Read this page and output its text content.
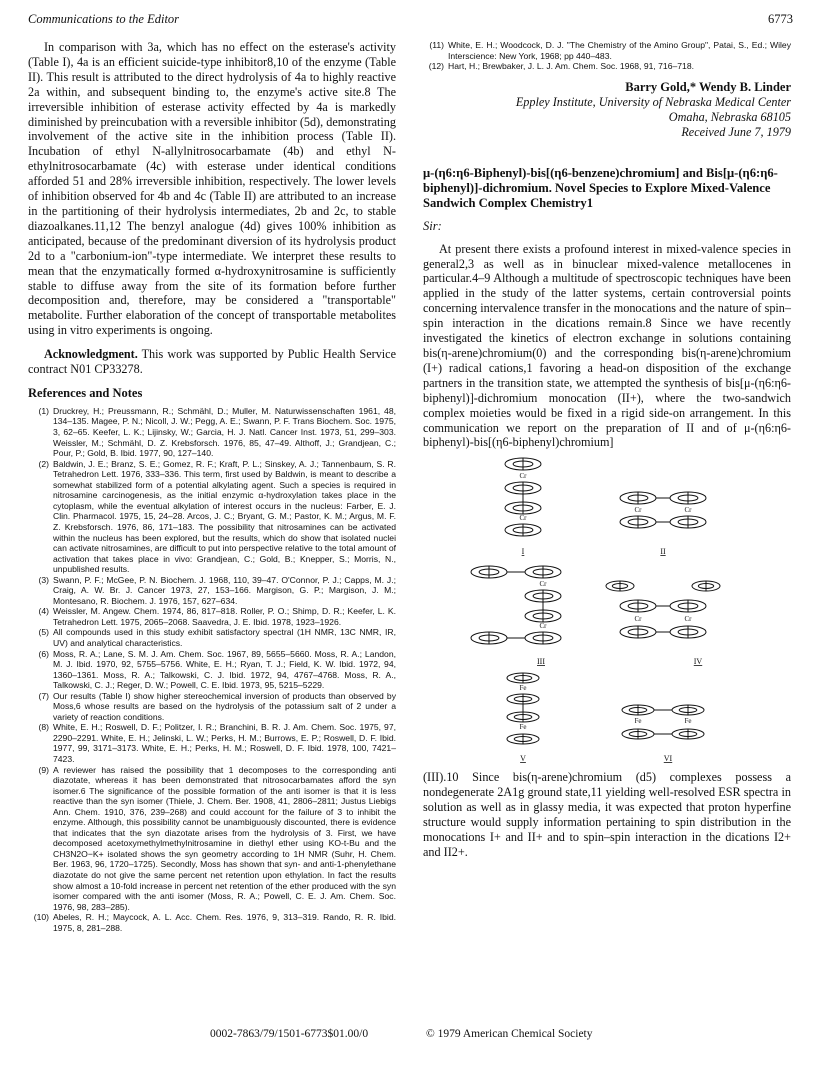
Communications to the Editor	6773

In comparison with 3a, which has no effect on the esterase's activity (Table I), 4a is an efficient suicide-type inhibitor8,10 of the enzyme (Table II). This result is attributed to the direct hydrolysis of 4a to highly reactive 2a within, and subsequent binding to, the enzyme's active site.8 The irreversible inhibition of esterase activity effected by 4a is markedly diminished by preincubation with a reversible inhibitor (5d), demonstrating involvement of the active site in the inhibition process (Table II). Incubation of ethyl N-allylnitrosocarbamate (4b) and ethyl N-ethylnitrosocarbamate (4c) with esterase under identical conditions afforded 51 and 28% irreversible inhibition, respectively. The lower levels of inhibition observed for 4b and 4c (Table II) are attributed to an increase in the partitioning of their hydrolysis intermediates, 2b and 2c, to stable diazoalkanes.11,12 The benzyl analogue (4d) gives 100% inhibition as anticipated, because of the predominant diversion of its hydrolysis product 2d to a "carbonium-ion"-type intermediate. We interpret these results to mean that the enzymatically formed α-hydroxynitrosamine is sufficiently stable to diffuse away from the site of its formation before further decomposition and, therefore, may be considered a "transportable" metabolite. Further elaboration of the concept of transportable metabolites using in vitro experiments is ongoing.

Acknowledgment. This work was supported by Public Health Service contract N01 CP33278.

References and Notes
(1) Druckrey, H.; Preussmann, R.; Schmähl, D.; Muller, M. Naturwissenschaften 1961, 48, 134–135. Magee, P. N.; Nicoll, J. W.; Pegg, A. E.; Swann, P. F. Trans Biochem. Soc. 1975, 3, 62–65. Keefer, L. K.; Lijinsky, W.; Garcia, H. J. Natl. Cancer Inst. 1973, 51, 299–303. Weissler, M.; Schmähl, D. Z. Krebsforsch. 1976, 85, 47–49. Althoff, J.; Grandjean, C.; Pour, P.; Gold, B. Ibid. 1977, 90, 127–140.
(2) Baldwin, J. E.; Branz, S. E.; Gomez, R. F.; Kraft, P. L.; Sinskey, A. J.; Tannenbaum, S. R. Tetrahedron Lett. 1976, 333–336. This term, first used by Baldwin, is meant to describe a somewhat stabilized form of a potential alkylating agent. Such a species is required in nitrosamine carcinogenesis, as the initial enzymic α-hydroxylation takes place in the cytoplasm, while the eventual alkylation of interest occurs in the nucleus: Farber, E. J. Clin. Pharmacol. 1975, 15, 24–28. Arcos, J. C.; Bryant, G. M.; Pastor, K. M.; Argus, M. F. Z. Krebsforsch. 1976, 86, 171–183. The possibility that nitrosamines can be activated within the nucleus has been explored, but the results, which do show that isolated nuclei can activate nitrosamines, are difficult to put into perspective relative to the total amount of activation that takes place in vivo: Grandjean, C.; Gold, B.; Knepper, S.; Morris, N., unpublished results.
(3) Swann, P. F.; McGee, P. N. Biochem. J. 1968, 110, 39–47. O'Connor, P. J.; Capps, M. J.; Craig, A. W. Br. J. Cancer 1973, 27, 153–166. Margison, G. P.; Margison, J. M.; Montesano, R. Biochem. J. 1976, 157, 627–634.
(4) Weissler, M. Angew. Chem. 1974, 86, 817–818. Roller, P. O.; Shimp, D. R.; Keefer, L. K. Tetrahedron Lett. 1975, 2065–2068. Saavedra, J. E. Ibid. 1978, 1923–1926.
(5) All compounds used in this study exhibit satisfactory spectral (1H NMR, 13C NMR, IR, UV) and analytical characteristics.
(6) Moss, R. A.; Lane, S. M. J. Am. Chem. Soc. 1967, 89, 5655–5660. Moss, R. A.; Landon, M. J. Ibid. 1970, 92, 5755–5756. White, E. H.; Ryan, T. J.; Field, K. W. Ibid. 1972, 94, 1360–1361. Moss, R. A.; Talkowski, C. J. Ibid. 1972, 94, 4767–4768. Moss, R. A., Talkowski, C. J.; Reger, D. W.; Powell, C. E. Ibid. 1973, 95, 5215–5229.
(7) Our results (Table I) show higher stereochemical inversion of products than observed by Moss,6 whose results are based on the hydrolysis of the potassium salt of 2 under a variety of reaction conditions.
(8) White, E. H.; Roswell, D. F.; Politzer, I. R.; Branchini, B. R. J. Am. Chem. Soc. 1975, 97, 2290–2291. White, E. H.; Jelinski, L. W.; Perks, H. M.; Burrows, E. P.; Roswell, D. F. Ibid. 1977, 99, 3171–3173. White, E. H.; Perks, H. M.; Roswell, D. F. Ibid. 1978, 100, 7421–7423.
(9) A reviewer has raised the possibility that 1 decomposes to the corresponding anti diazotate, whereas it has been demonstrated that nitrosocarbamates afford the syn isomer.6 The significance of the possible formation of the anti isomer is that it is less reactive than the syn isomer (Thiele, J. Chem. Ber. 1908, 41, 2806–2811; Justus Liebigs Ann. Chem. 1910, 376, 239–268) and could account for the failure of 3 to inhibit the enzyme. Although, this possibility cannot be unambiguously discounted, there is evidence that indicates that the syn diazotate arises from the hydrolysis of 3. First, we have decomposed acetoxymethylmethylnitrosamine in diethyl ether using KO-t-Bu and the CH3N2O−K+ isolated shows the syn geometry according to 1H NMR (Suhr, H. Chem. Ber. 1963, 96, 1720–1725). Secondly, Moss has shown that syn- and anti-1-phenylethane diazotate do not give the same percent net retention upon ethylation. In fact the results show almost a 10-fold increase in percent net retention of the ether produced with the syn isomer compared with the anti isomer (Moss, R. A.; Powell, C. E. J. Am. Chem. Soc. 1976, 98, 283–285).
(10) Abeles, R. H.; Maycock, A. L. Acc. Chem. Res. 1976, 9, 313–319. Rando, R. R. Ibid. 1975, 8, 281–288.
(11) White, E. H.; Woodcock, D. J. "The Chemistry of the Amino Group", Patai, S., Ed.; Wiley Interscience: New York, 1968; pp 440–483.
(12) Hart, H.; Brewbaker, J. L. J. Am. Chem. Soc. 1968, 91, 716–718.
Barry Gold,* Wendy B. Linder
Eppley Institute, University of Nebraska Medical Center
Omaha, Nebraska 68105
Received June 7, 1979
μ-(η6:η6-Biphenyl)-bis[(η6-benzene)chromium] and Bis[μ-(η6:η6-biphenyl)]-dichromium. Novel Species to Explore Mixed-Valence Sandwich Complex Chemistry1
Sir:

At present there exists a profound interest in mixed-valence species in general2,3 as well as in binuclear mixed-valence metallocenes in particular.4–9 Although a multitude of spectroscopic techniques have been applied in the study of the latter systems, certain controversial points concerning intervalence transfer in the monocations and the nature of spin–spin interaction in the dications remain.8 Since we have recently investigated the kinetics of electron exchange in solutions containing bis(η-arene)chromium(0) and the corresponding bis(η-arene)chromium (I+) radical cations,1 favoring a head-on disposition of the exchange partners in the transition state, we attempted the synthesis of bis[μ-(η6:η6-biphenyl)]-dichromium monocation (II+), where the two-sandwich complex moieties would be fixed in a rigid side-on arrangement. In this communication we report on the preparation of II and of μ-(η6:η6-biphenyl)-bis[(η6-biphenyl)chromium]

Cr
Cr
I
Cr	Cr
II
Cr
Cr
III
Cr	Cr
IV
Fe
Fe
V
Fe	Fe
VI

(III).10 Since bis(η-arene)chromium (d5) complexes possess a nondegenerate 2A1g ground state,11 yielding well-resolved ESR spectra in solution as well as in glassy media, it was expected that proton hyperfine structure would supply information pertaining to spin distribution in the monocations I+ and II+ and to spin–spin interaction in the dications I2+ and II2+.

0002-7863/79/1501-6773$01.00/0	© 1979 American Chemical Society
